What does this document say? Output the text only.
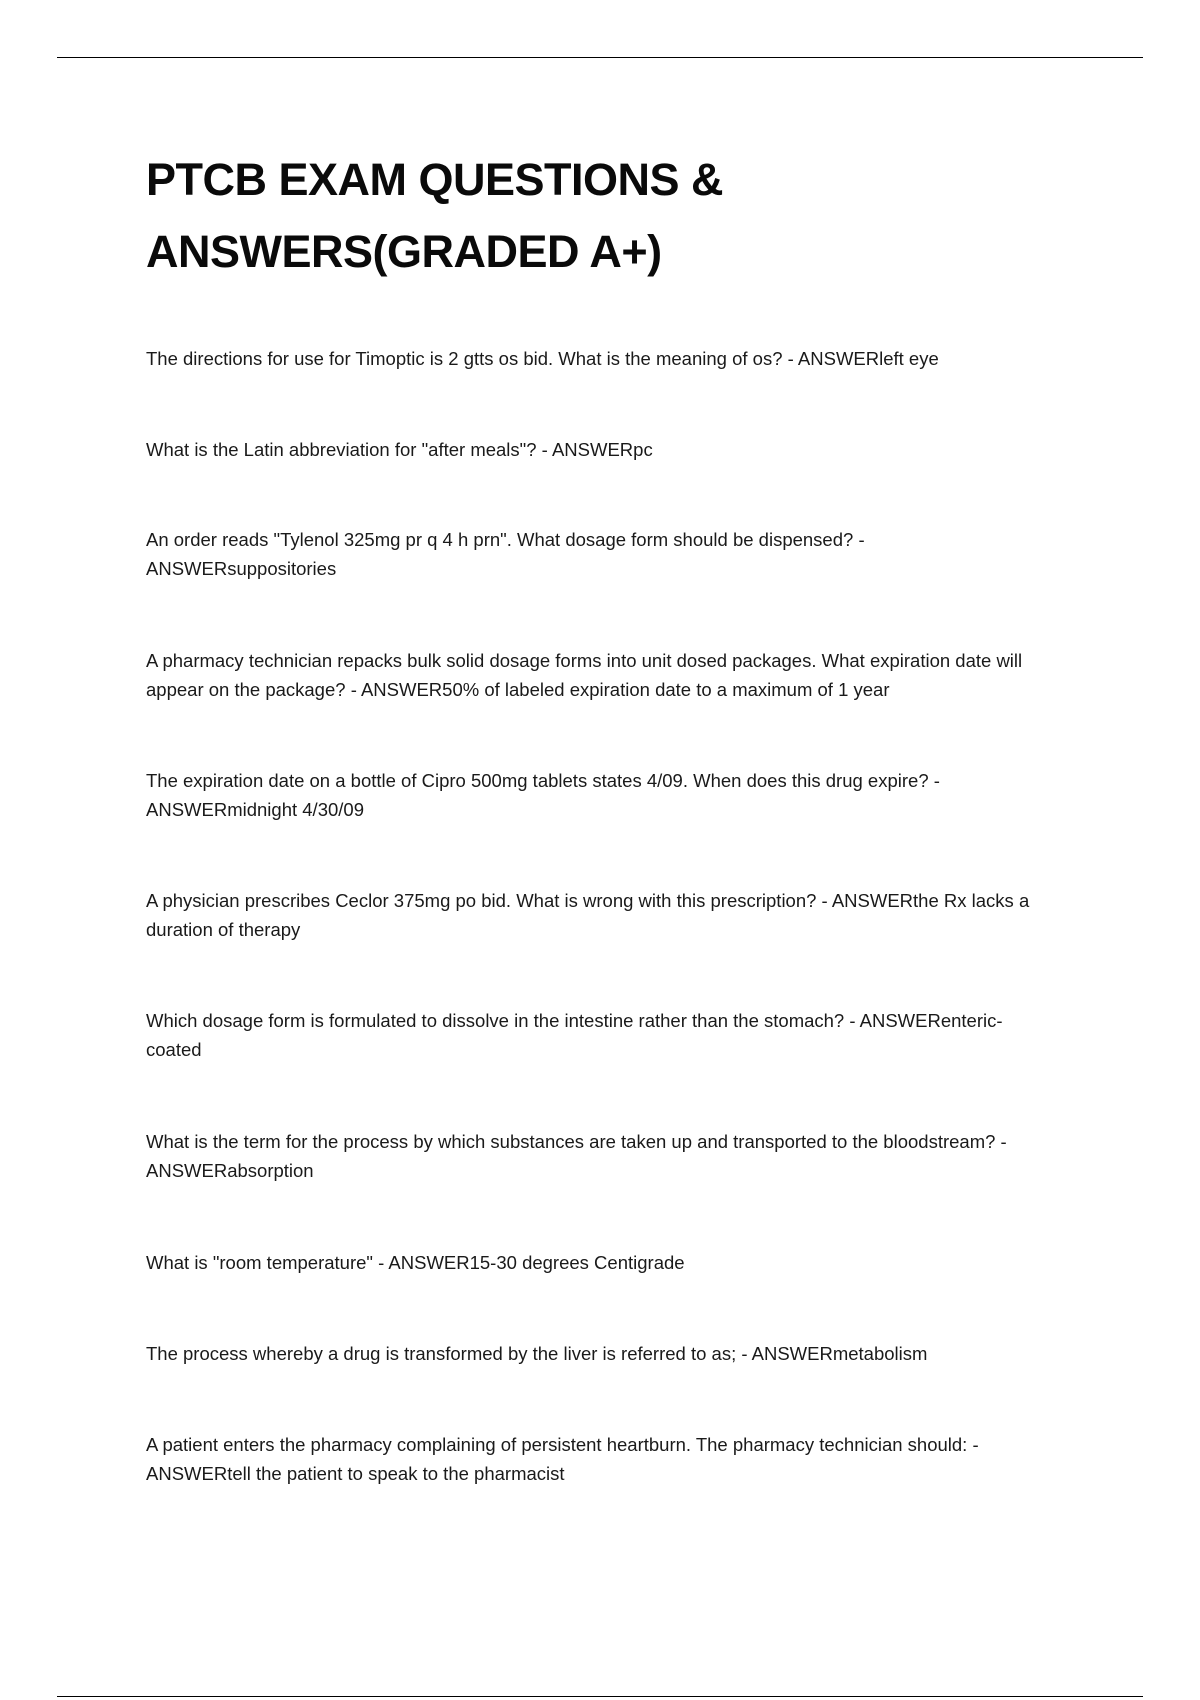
PTCB EXAM QUESTIONS &
ANSWERS(GRADED A+)

The directions for use for Timoptic is 2 gtts os bid. What is the meaning of os? - ANSWERleft eye

What is the Latin abbreviation for "after meals"? - ANSWERpc

An order reads "Tylenol 325mg pr q 4 h prn". What dosage form should be dispensed? - ANSWERsuppositories

A pharmacy technician repacks bulk solid dosage forms into unit dosed packages. What expiration date will appear on the package? - ANSWER50% of labeled expiration date to a maximum of 1 year

The expiration date on a bottle of Cipro 500mg tablets states 4/09. When does this drug expire? - ANSWERmidnight 4/30/09

A physician prescribes Ceclor 375mg po bid. What is wrong with this prescription? - ANSWERthe Rx lacks a duration of therapy

Which dosage form is formulated to dissolve in the intestine rather than the stomach? - ANSWERenteric-coated

What is the term for the process by which substances are taken up and transported to the bloodstream? - ANSWERabsorption

What is "room temperature" - ANSWER15-30 degrees Centigrade

The process whereby a drug is transformed by the liver is referred to as; - ANSWERmetabolism

A patient enters the pharmacy complaining of persistent heartburn. The pharmacy technician should: - ANSWERtell the patient to speak to the pharmacist
